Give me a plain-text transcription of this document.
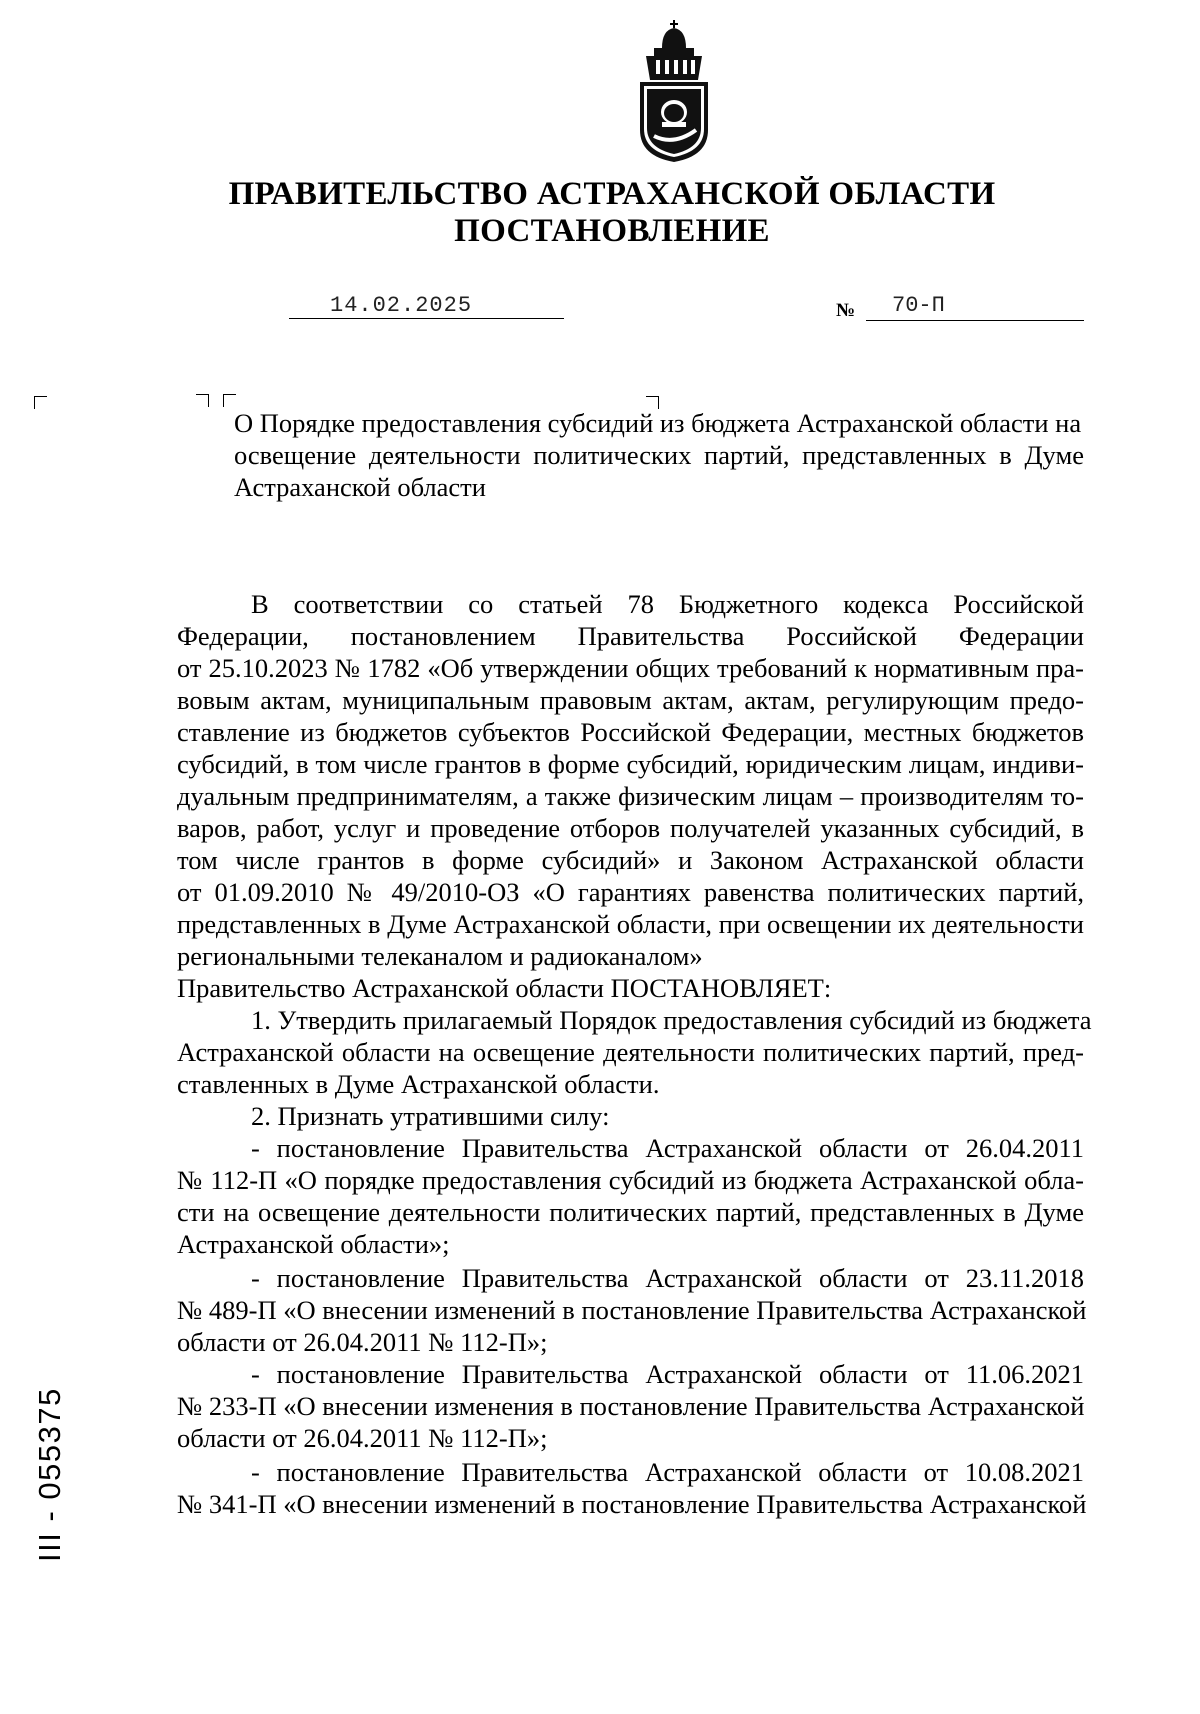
ПРАВИТЕЛЬСТВО АСТРАХАНСКОЙ ОБЛАСТИ
ПОСТАНОВЛЕНИЕ
14.02.2025	№ 70-П
О Порядке предоставления субсидий из бюджета Астраханской области на
освещение деятельности политических партий, представленных в Думе
Астраханской области
В соответствии со статьей 78 Бюджетного кодекса Российской
Федерации, постановлением Правительства Российской Федерации
от 25.10.2023 № 1782 «Об утверждении общих требований к нормативным пра-
вовым актам, муниципальным правовым актам, актам, регулирующим предо-
ставление из бюджетов субъектов Российской Федерации, местных бюджетов
субсидий, в том числе грантов в форме субсидий, юридическим лицам, индиви-
дуальным предпринимателям, а также физическим лицам – производителям то-
варов, работ, услуг и проведение отборов получателей указанных субсидий, в
том числе грантов в форме субсидий» и Законом Астраханской области
от 01.09.2010 № 49/2010-ОЗ «О гарантиях равенства политических партий,
представленных в Думе Астраханской области, при освещении их деятельности
региональными телеканалом и радиоканалом»
Правительство Астраханской области ПОСТАНОВЛЯЕТ:
1. Утвердить прилагаемый Порядок предоставления субсидий из бюджета
Астраханской области на освещение деятельности политических партий, пред-
ставленных в Думе Астраханской области.
2. Признать утратившими силу:
- постановление Правительства Астраханской области от 26.04.2011
№ 112-П «О порядке предоставления субсидий из бюджета Астраханской обла-
сти на освещение деятельности политических партий, представленных в Думе
Астраханской области»;
- постановление Правительства Астраханской области от 23.11.2018
№ 489-П «О внесении изменений в постановление Правительства Астраханской
области от 26.04.2011 № 112-П»;
- постановление Правительства Астраханской области от 11.06.2021
№ 233-П «О внесении изменения в постановление Правительства Астраханской
области от 26.04.2011 № 112-П»;
- постановление Правительства Астраханской области от 10.08.2021
№ 341-П «О внесении изменений в постановление Правительства Астраханской
III - 055375
